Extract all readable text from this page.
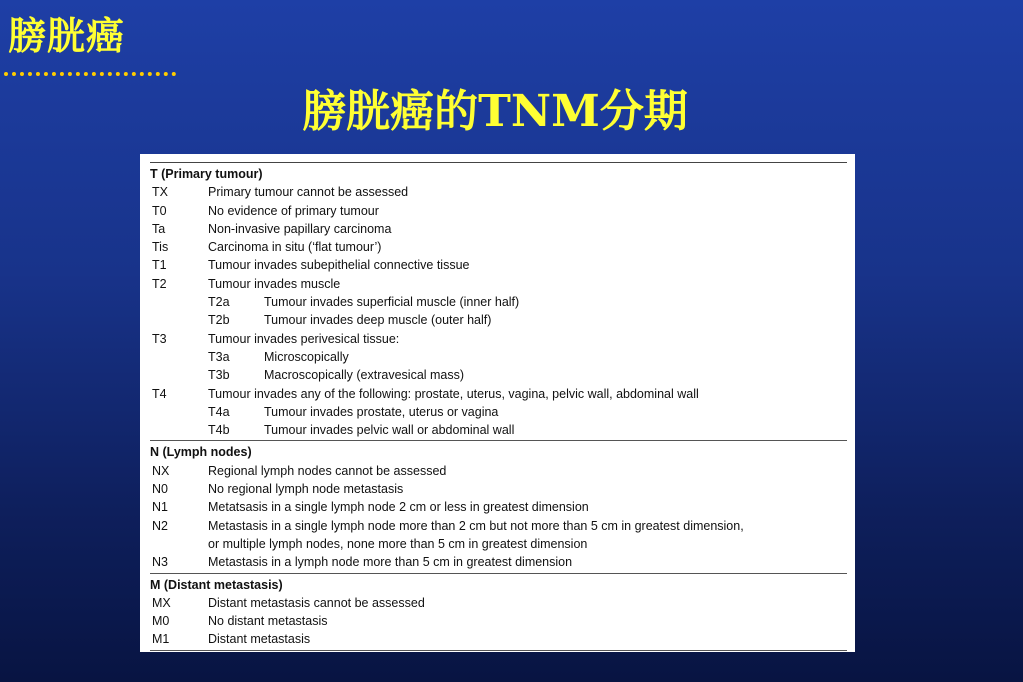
膀胱癌
膀胱癌的TNM分期
T (Primary tumour)
TX	Primary tumour cannot be assessed
T0	No evidence of primary tumour
Ta	Non-invasive papillary carcinoma
Tis	Carcinoma in situ (‘flat tumour’)
T1	Tumour invades subepithelial connective tissue
T2	Tumour invades muscle
T2a	Tumour invades superficial muscle (inner half)
T2b	Tumour invades deep muscle (outer half)
T3	Tumour invades perivesical tissue:
T3a	Microscopically
T3b	Macroscopically (extravesical mass)
T4	Tumour invades any of the following: prostate, uterus, vagina, pelvic wall, abdominal wall
T4a	Tumour invades prostate, uterus or vagina
T4b	Tumour invades pelvic wall or abdominal wall
N (Lymph nodes)
NX	Regional lymph nodes cannot be assessed
N0	No regional lymph node metastasis
N1	Metatsasis in a single lymph node 2 cm or less in greatest dimension
N2	Metastasis in a single lymph node more than 2 cm but not more than 5 cm in greatest dimension,
or multiple lymph nodes, none more than 5 cm in greatest dimension
N3	Metastasis in a lymph node more than 5 cm in greatest dimension
M (Distant metastasis)
MX	Distant metastasis cannot be assessed
M0	No distant metastasis
M1	Distant metastasis
